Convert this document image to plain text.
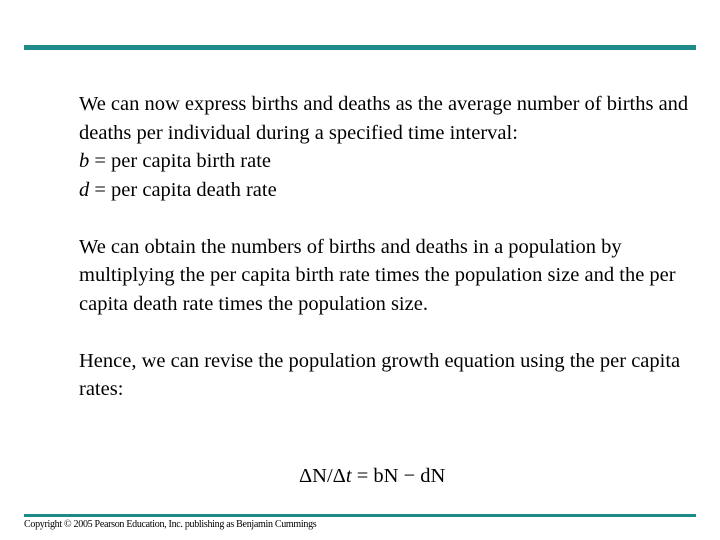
We can now express births and deaths as the average number of births and deaths per individual during a specified time interval:

b = per capita birth rate
d = per capita death rate

We can obtain the numbers of births and deaths in a population by multiplying the per capita birth rate times the population size and the per capita death rate times the population size.

Hence, we can revise the population growth equation using the per capita rates:

ΔN/Δt = bN − dN
Copyright © 2005 Pearson Education, Inc. publishing as Benjamin Cummings
